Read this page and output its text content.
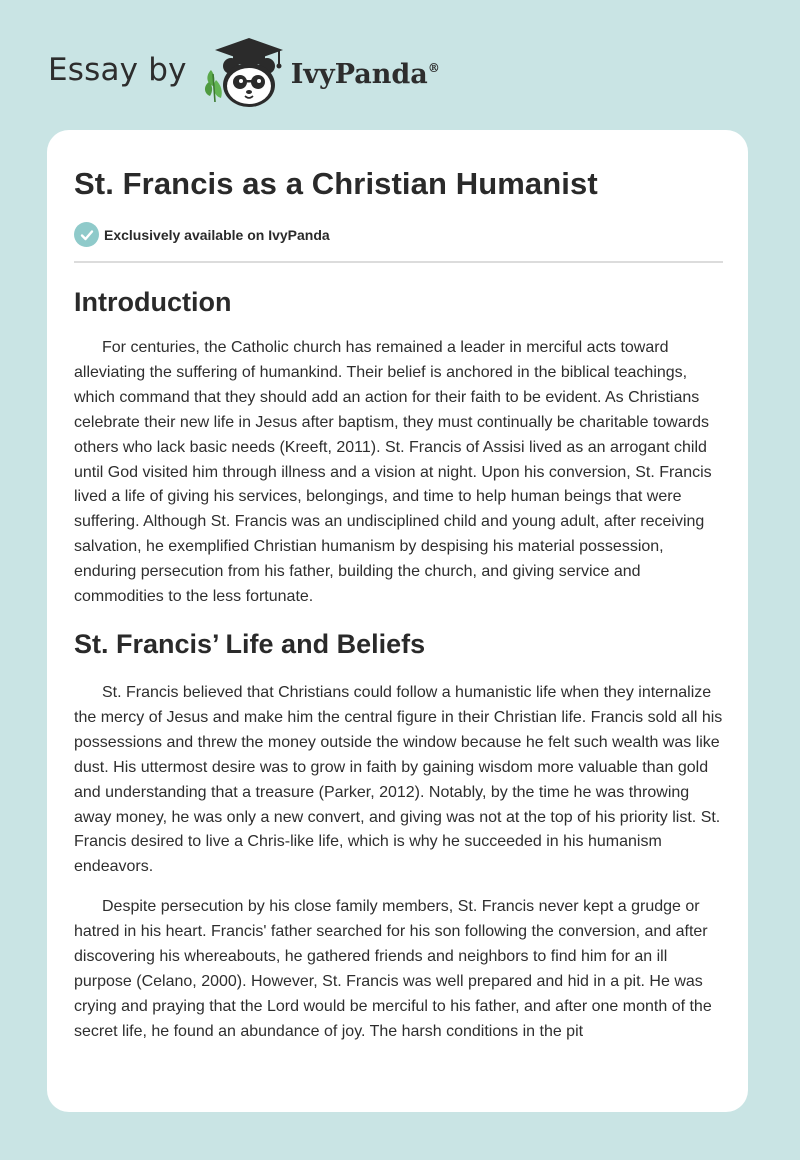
Essay by	IvyPanda®
St. Francis as a Christian Humanist
Exclusively available on IvyPanda
Introduction

For centuries, the Catholic church has remained a leader in merciful acts toward alleviating the suffering of humankind. Their belief is anchored in the biblical teachings, which command that they should add an action for their faith to be evident. As Christians celebrate their new life in Jesus after baptism, they must continually be charitable towards others who lack basic needs (Kreeft, 2011). St. Francis of Assisi lived as an arrogant child until God visited him through illness and a vision at night. Upon his conversion, St. Francis lived a life of giving his services, belongings, and time to help human beings that were suffering. Although St. Francis was an undisciplined child and young adult, after receiving salvation, he exemplified Christian humanism by despising his material possession, enduring persecution from his father, building the church, and giving service and commodities to the less fortunate.

St. Francis’ Life and Beliefs

St. Francis believed that Christians could follow a humanistic life when they internalize the mercy of Jesus and make him the central figure in their Christian life. Francis sold all his possessions and threw the money outside the window because he felt such wealth was like dust. His uttermost desire was to grow in faith by gaining wisdom more valuable than gold and understanding that a treasure (Parker, 2012). Notably, by the time he was throwing away money, he was only a new convert, and giving was not at the top of his priority list. St. Francis desired to live a Chris-like life, which is why he succeeded in his humanism endeavors.

Despite persecution by his close family members, St. Francis never kept a grudge or hatred in his heart. Francis' father searched for his son following the conversion, and after discovering his whereabouts, he gathered friends and neighbors to find him for an ill purpose (Celano, 2000). However, St. Francis was well prepared and hid in a pit. He was crying and praying that the Lord would be merciful to his father, and after one month of the secret life, he found an abundance of joy. The harsh conditions in the pit
